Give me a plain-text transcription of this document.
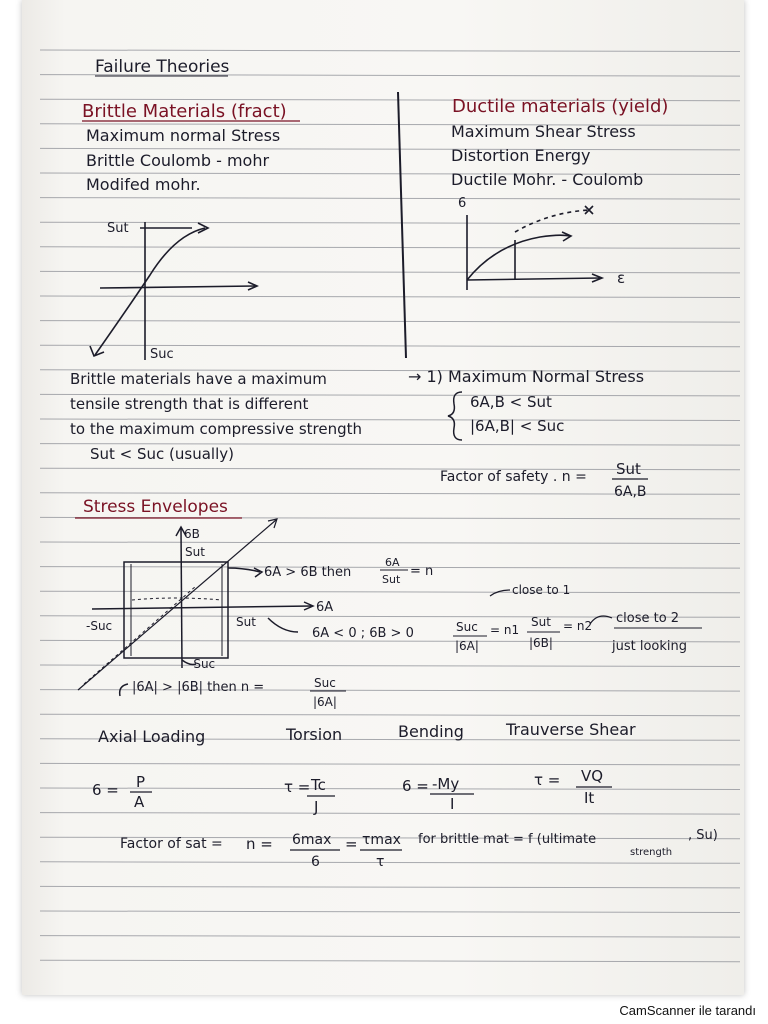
Failure Theories
Brittle Materials (fract)
Maximum normal Stress
Brittle Coulomb - mohr
Modifed mohr.
Sut
Suc
Ductile materials (yield)
Maximum Shear Stress
Distortion Energy
Ductile Mohr. - Coulomb
6
ε
Brittle materials have a maximum
tensile strength that is different
to the maximum compressive strength
Sut < Suc (usually)
→ 1) Maximum Normal Stress
6A,B < Sut
|6A,B| < Suc
Factor of safety . n = Sut
6A,B
Stress Envelopes
6B
Sut
6A
Sut
-Suc
-Suc
6A > 6B then
6A
Sut
= n
6A < 0 ; 6B > 0
close to 1
Suc
|6A|
= n1
Sut
|6B|
= n2 close to 2
just looking
|6A| > |6B| then n =	Suc
|6A|
Axial Loading	Torsion	Bending	Trauverse Shear
6 = P
A
τ = Tc
J
6 = -My
I
τ = VQ
It
Factor of sat = n = 6max
6
= τmax
τ
for brittle mat = f (ultimate
strength
, Su)
CamScanner ile tarandı
